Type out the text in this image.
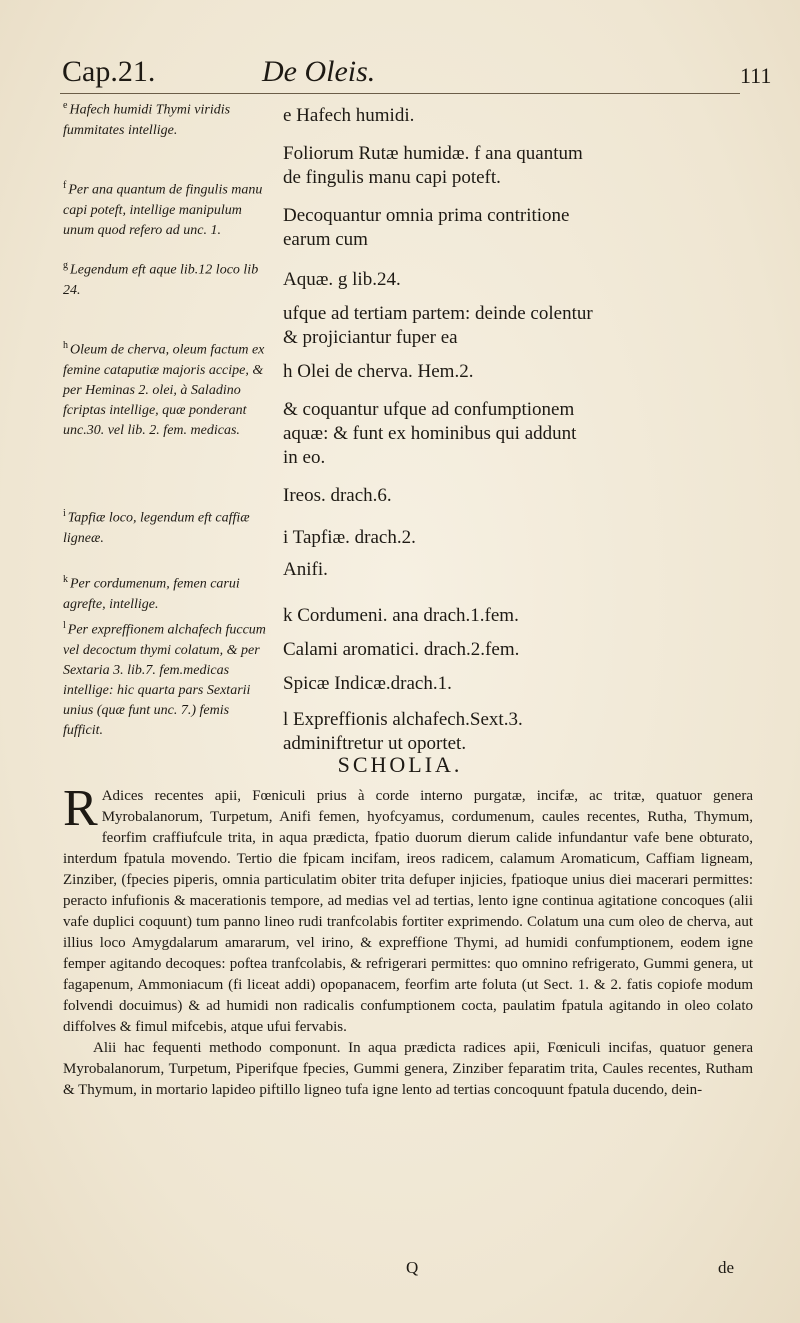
Cap.21.	De Oleis.	111
$^e$ Hafech humidi Thymi viridis fummitates intellige.
$^g$ Legendum eft aque lib.12 loco lib 24.
$^f$ Per ana quantum de fingulis manu capi poteft, intellige manipulum unum quod refero ad unc. 1.
$^h$ Oleum de cherva, oleum factum ex femine cataputiæ majoris accipe, & per Heminas 2. olei, à Saladino fcriptas intellige, quæ ponderant unc.30. vel lib. 2. fem. medicas.
$^i$ Tapfiæ loco, legendum eft caffiæ ligneæ.
$^k$ Per cordumenum, femen carui agrefte, intellige.
$^l$ Per expreffionem alchafech fuccum vel decoctum thymi colatum, & per Sextaria 3. lib.7. fem.medicas intellige: hic quarta pars Sextarii unius (quæ funt unc. 7.) femis fufficit.
e Hafech humidi.
Foliorum Rutæ humidæ. f ana quantum
de fingulis manu capi poteft.
Decoquantur omnia prima contritione
earum cum
Aquæ. g lib.24.
ufque ad tertiam partem: deinde colentur
& projiciantur fuper ea
h Olei de cherva. Hem.2.
& coquantur ufque ad confumptionem
aquæ: & funt ex hominibus qui addunt
in eo.
Ireos. drach.6.
i Tapfiæ. drach.2.
Anifi.
k Cordumeni. ana drach.1.fem.
Calami aromatici. drach.2.fem.
Spicæ Indicæ.drach.1.
l Expreffionis alchafech.Sext.3.
adminiftretur ut oportet.
SCHOLIA.

R Adices recentes apii, Fœniculi prius à corde interno purgatæ, incifæ, ac tritæ, quatuor genera Myrobalanorum, Turpetum, Anifi femen, hyofcyamus, cordumenum, caules recentes, Rutha, Thymum, feorfim craffiufcule trita, in aqua prædicta, fpatio duorum dierum calide infundantur vafe bene obturato, interdum fpatula movendo. Tertio die fpicam incifam, ireos radicem, calamum Aromaticum, Caffiam ligneam, Zinziber, (fpecies piperis, omnia particulatim obiter trita defuper injicies, fpatioque unius diei macerari permittes: peracto infufionis & macerationis tempore, ad medias vel ad tertias, lento igne continua agitatione concoques (alii vafe duplici coquunt) tum panno lineo rudi tranfcolabis fortiter exprimendo. Colatum una cum oleo de cherva, aut illius loco Amygdalarum amararum, vel irino, & expreffione Thymi, ad humidi confumptionem, eodem igne femper agitando decoques: poftea tranfcolabis, & refrigerari permittes: quo omnino refrigerato, Gummi genera, ut fagapenum, Ammoniacum (fi liceat addi) opopanacem, feorfim arte foluta (ut Sect. 1. & 2. fatis copiofe modum folvendi docuimus) & ad humidi non radicalis confumptionem cocta, paulatim fpatula agitando in oleo colato diffolves & fimul mifcebis, atque ufui fervabis.

Alii hac fequenti methodo componunt. In aqua prædicta radices apii, Fœniculi incifas, quatuor genera Myrobalanorum, Turpetum, Piperifque fpecies, Gummi genera, Zinziber feparatim trita, Caules recentes, Rutham & Thymum, in mortario lapideo piftillo ligneo tufa igne lento ad tertias concoquunt fpatula ducendo, dein-

Q	de
